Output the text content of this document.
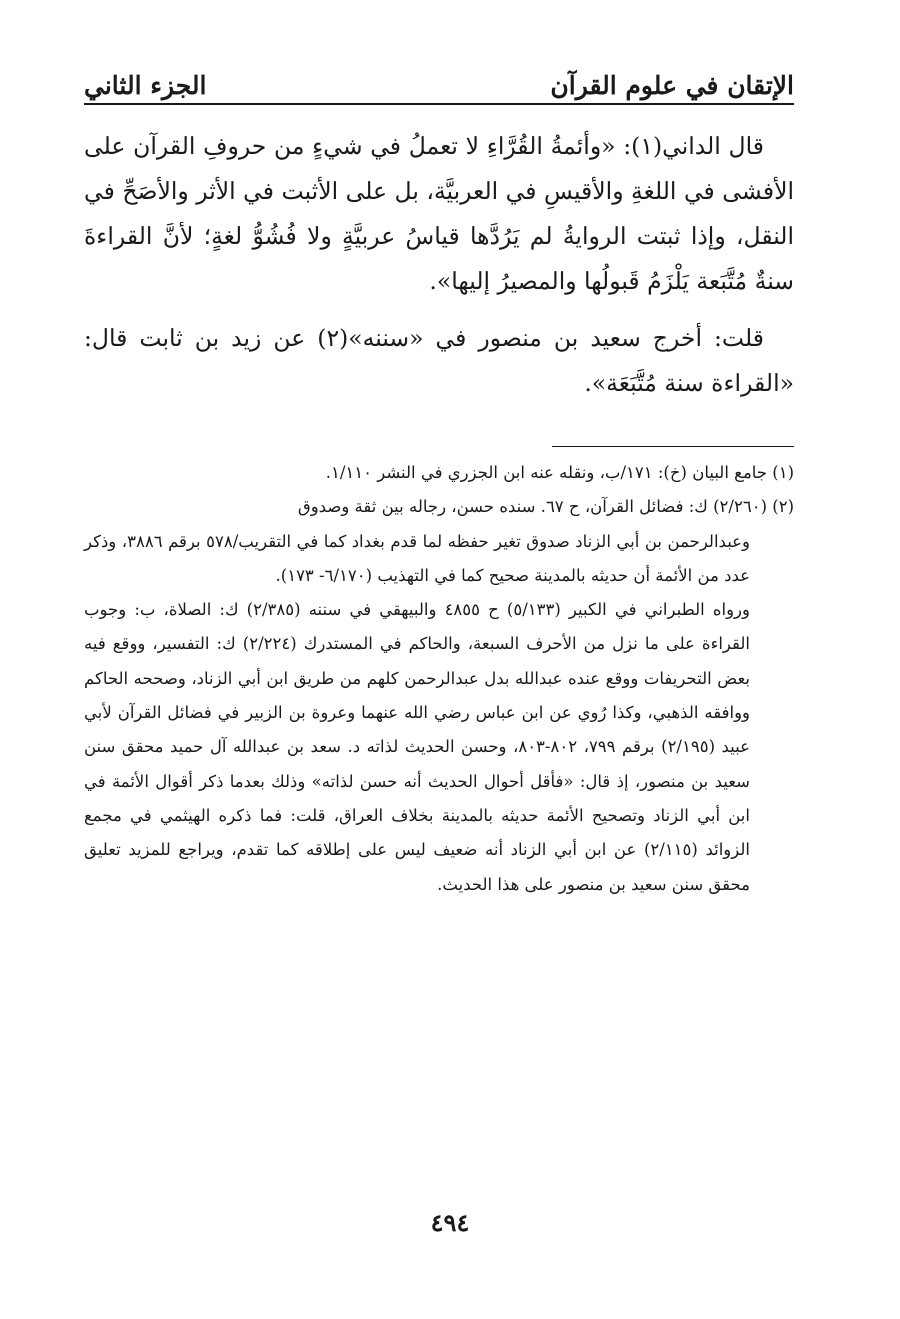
الإتقان في علوم القرآن
الجزء الثاني

قال الداني(١): «وأئمةُ القُرَّاءِ لا تعملُ في شيءٍ من حروفِ القرآن على الأفشى في اللغةِ والأقيسِ في العربيَّة، بل على الأثبت في الأثر والأصَحِّ في النقل، وإذا ثبتت الروايةُ لم يَرُدَّها قياسُ عربيَّةٍ ولا فُشُوُّ لغةٍ؛ لأنَّ القراءةَ سنةٌ مُتَّبَعة يَلْزَمُ قَبولُها والمصيرُ إليها».

قلت: أخرج سعيد بن منصور في «سننه»(٢) عن زيد بن ثابت قال: «القراءة سنة مُتَّبَعَة».

(١) جامع البيان (خ): ١٧١/ب، ونقله عنه ابن الجزري في النشر ١/١١٠.

(٢) (٢/٢٦٠) ك: فضائل القرآن، ح ٦٧. سنده حسن، رجاله بين ثقة وصدوق

وعبدالرحمن بن أبي الزناد صدوق تغير حفظه لما قدم بغداد كما في التقريب/٥٧٨ برقم ٣٨٨٦، وذكر عدد من الأئمة أن حديثه بالمدينة صحيح كما في التهذيب (٦/١٧٠- ١٧٣).

ورواه الطبراني في الكبير (٥/١٣٣) ح ٤٨٥٥ والبيهقي في سننه (٢/٣٨٥) ك: الصلاة، ب: وجوب القراءة على ما نزل من الأحرف السبعة، والحاكم في المستدرك (٢/٢٢٤) ك: التفسير، ووقع فيه بعض التحريفات ووقع عنده عبدالله بدل عبدالرحمن كلهم من طريق ابن أبي الزناد، وصححه الحاكم ووافقه الذهبي، وكذا رُوي عن ابن عباس رضي الله عنهما وعروة بن الزبير في فضائل القرآن لأبي عبيد (٢/١٩٥) برقم ٧٩٩، ٨٠٢-٨٠٣، وحسن الحديث لذاته د. سعد بن عبدالله آل حميد محقق سنن سعيد بن منصور، إذ قال: «فأقل أحوال الحديث أنه حسن لذاته» وذلك بعدما ذكر أقوال الأئمة في ابن أبي الزناد وتصحيح الأئمة حديثه بالمدينة بخلاف العراق، قلت: فما ذكره الهيثمي في مجمع الزوائد (٢/١١٥) عن ابن أبي الزناد أنه ضعيف ليس على إطلاقه كما تقدم، ويراجع للمزيد تعليق محقق سنن سعيد بن منصور على هذا الحديث.

٤٩٤
